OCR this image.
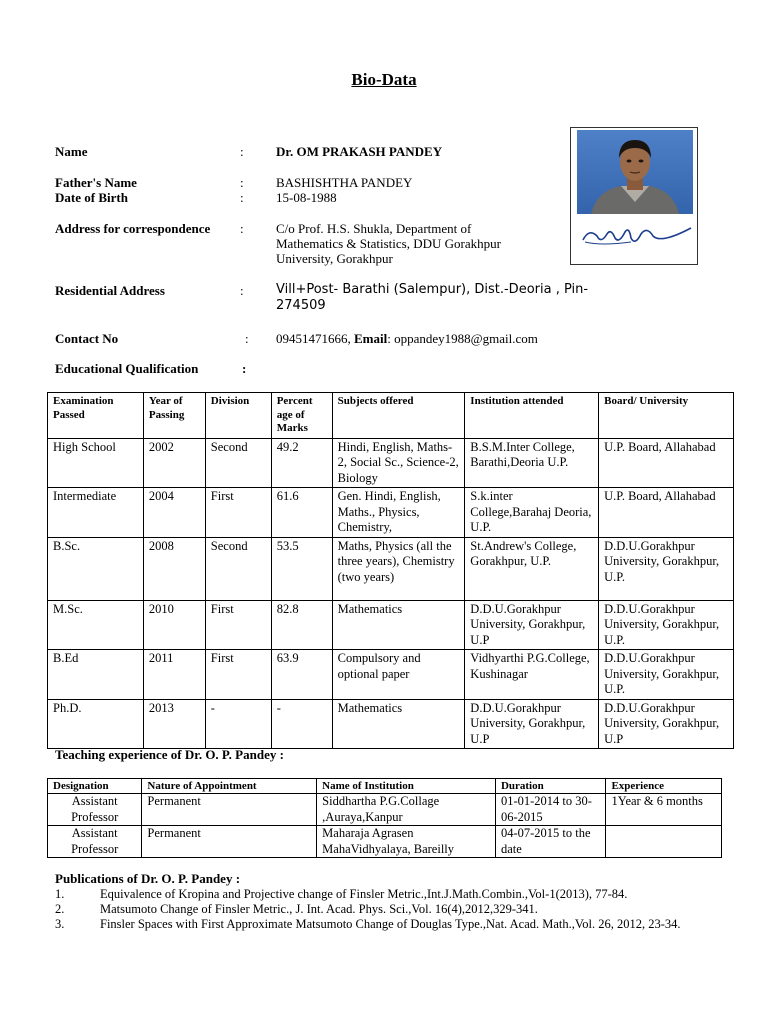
Bio-Data
Name	: Dr. OM PRAKASH PANDEY
Father's Name	: BASHISHTHA PANDEY
Date of Birth	: 15-08-1988
Address for correspondence : C/o Prof. H.S. Shukla, Department of
Mathematics & Statistics, DDU Gorakhpur
University, Gorakhpur
Residential Address	: Vill+Post- Barathi (Salempur), Dist.-Deoria , Pin-
274509
Contact No	: 09451471666, Email: oppandey1988@gmail.com
Educational Qualification	:
Examination Passed	Year of Passing	Division	Percent age of Marks	Subjects offered	Institution attended	Board/ University
High School	2002	Second	49.2	Hindi, English, Maths-2, Social Sc., Science-2, Biology	B.S.M.Inter College, Barathi,Deoria U.P.	U.P. Board, Allahabad
Intermediate	2004	First	61.6	Gen. Hindi, English, Maths., Physics, Chemistry,	S.k.inter College,Barahaj Deoria, U.P.	U.P. Board, Allahabad
B.Sc.	2008	Second	53.5	Maths, Physics (all the three years), Chemistry (two years)	St.Andrew's College, Gorakhpur, U.P.	D.D.U.Gorakhpur University, Gorakhpur, U.P.
M.Sc.	2010	First	82.8	Mathematics	D.D.U.Gorakhpur University, Gorakhpur, U.P	D.D.U.Gorakhpur University, Gorakhpur, U.P.
B.Ed	2011	First	63.9	Compulsory and optional paper	Vidhyarthi P.G.College, Kushinagar	D.D.U.Gorakhpur University, Gorakhpur, U.P.
Ph.D.	2013	-	-	Mathematics	D.D.U.Gorakhpur University, Gorakhpur, U.P	D.D.U.Gorakhpur University, Gorakhpur, U.P
Teaching experience of Dr. O. P. Pandey :
Designation	Nature of Appointment	Name of Institution	Duration	Experience
Assistant Professor	Permanent	Siddhartha P.G.Collage ,Auraya,Kanpur	01-01-2014 to 30-06-2015	1Year & 6 months
Assistant Professor	Permanent	Maharaja Agrasen MahaVidhyalaya, Bareilly	04-07-2015 to the date	
Publications of Dr. O. P. Pandey :
1.	Equivalence of Kropina and Projective change of Finsler Metric.,Int.J.Math.Combin.,Vol-1(2013), 77-84.
2.	Matsumoto Change of Finsler Metric., J. Int. Acad. Phys. Sci.,Vol. 16(4),2012,329-341.
3.	Finsler Spaces with First Approximate Matsumoto Change of Douglas Type.,Nat. Acad. Math.,Vol. 26, 2012, 23-34.
